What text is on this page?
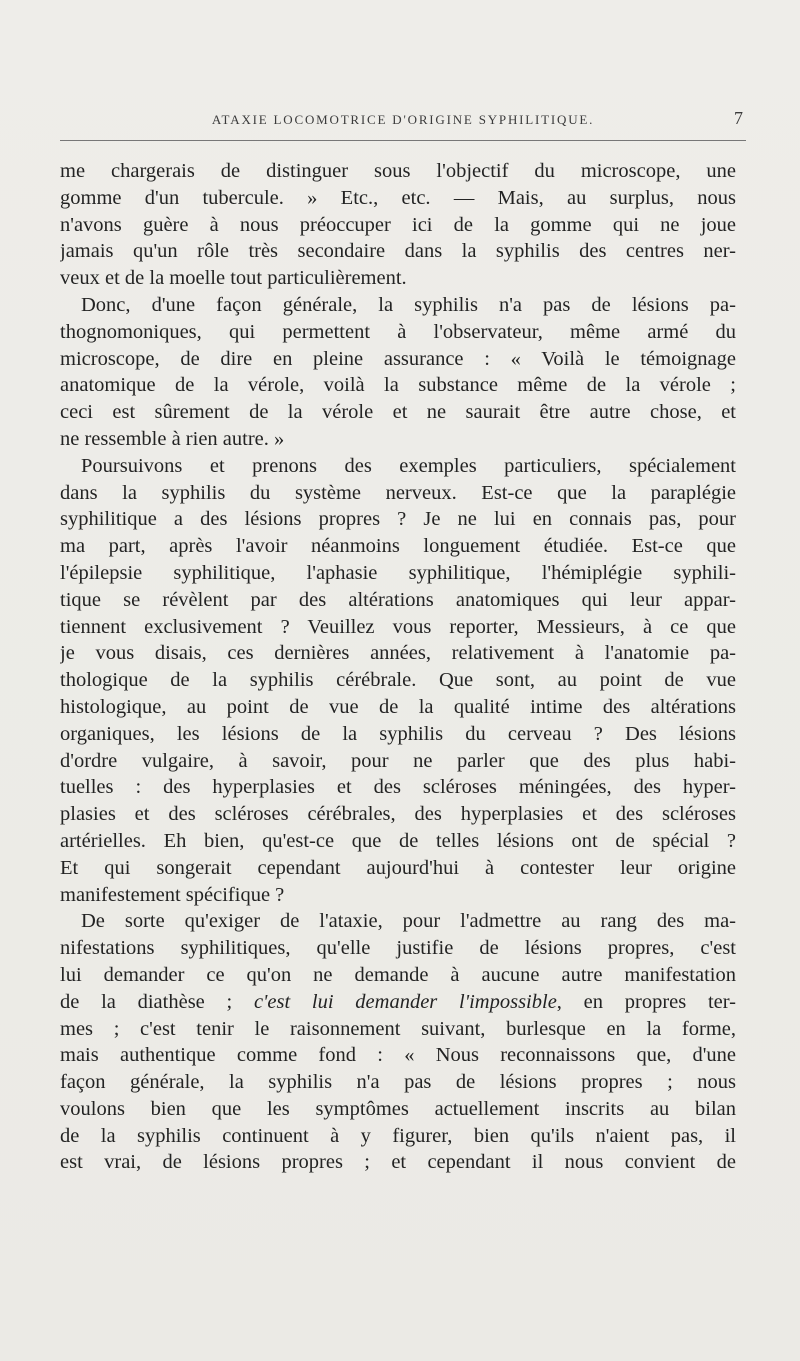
ATAXIE LOCOMOTRICE D'ORIGINE SYPHILITIQUE.	7
me chargerais de distinguer sous l'objectif du microscope, une
gomme d'un tubercule. » Etc., etc. — Mais, au surplus, nous
n'avons guère à nous préoccuper ici de la gomme qui ne joue
jamais qu'un rôle très secondaire dans la syphilis des centres ner-
veux et de la moelle tout particulièrement.
Donc, d'une façon générale, la syphilis n'a pas de lésions pa-
thognomoniques, qui permettent à l'observateur, même armé du
microscope, de dire en pleine assurance : « Voilà le témoignage
anatomique de la vérole, voilà la substance même de la vérole ;
ceci est sûrement de la vérole et ne saurait être autre chose, et
ne ressemble à rien autre. »
Poursuivons et prenons des exemples particuliers, spécialement
dans la syphilis du système nerveux. Est-ce que la paraplégie
syphilitique a des lésions propres ? Je ne lui en connais pas, pour
ma part, après l'avoir néanmoins longuement étudiée. Est-ce que
l'épilepsie syphilitique, l'aphasie syphilitique, l'hémiplégie syphili-
tique se révèlent par des altérations anatomiques qui leur appar-
tiennent exclusivement ? Veuillez vous reporter, Messieurs, à ce que
je vous disais, ces dernières années, relativement à l'anatomie pa-
thologique de la syphilis cérébrale. Que sont, au point de vue
histologique, au point de vue de la qualité intime des altérations
organiques, les lésions de la syphilis du cerveau ? Des lésions
d'ordre vulgaire, à savoir, pour ne parler que des plus habi-
tuelles : des hyperplasies et des scléroses méningées, des hyper-
plasies et des scléroses cérébrales, des hyperplasies et des scléroses
artérielles. Eh bien, qu'est-ce que de telles lésions ont de spécial ?
Et qui songerait cependant aujourd'hui à contester leur origine
manifestement spécifique ?
De sorte qu'exiger de l'ataxie, pour l'admettre au rang des ma-
nifestations syphilitiques, qu'elle justifie de lésions propres, c'est
lui demander ce qu'on ne demande à aucune autre manifestation
de la diathèse ; c'est lui demander l'impossible, en propres ter-
mes ; c'est tenir le raisonnement suivant, burlesque en la forme,
mais authentique comme fond : « Nous reconnaissons que, d'une
façon générale, la syphilis n'a pas de lésions propres ; nous
voulons bien que les symptômes actuellement inscrits au bilan
de la syphilis continuent à y figurer, bien qu'ils n'aient pas, il
est vrai, de lésions propres ; et cependant il nous convient de
